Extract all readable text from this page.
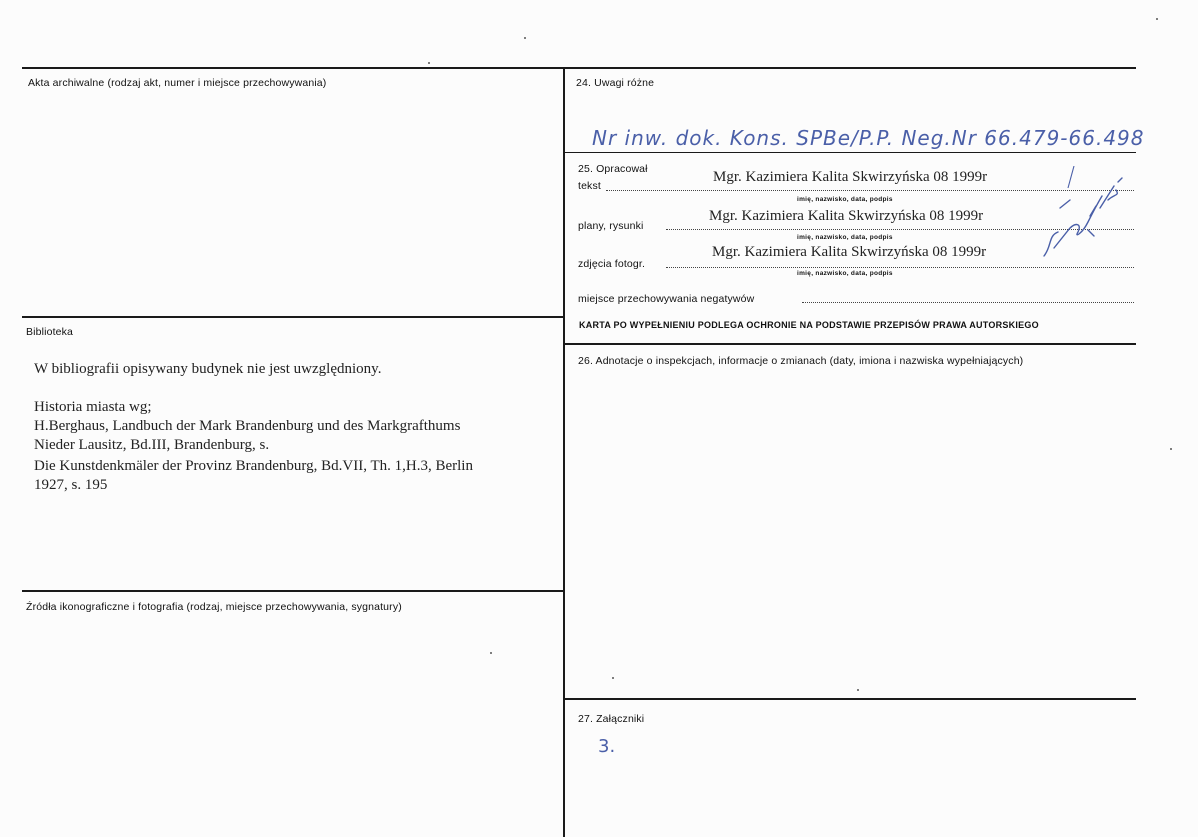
Akta archiwalne (rodzaj akt, numer i miejsce przechowywania)
Biblioteka
W bibliografii opisywany budynek nie jest uwzględniony.
Historia miasta wg;
H.Berghaus, Landbuch der Mark Brandenburg und des Markgrafthums
Nieder Lausitz, Bd.III, Brandenburg, s.
Die Kunstdenkmäler der Provinz Brandenburg, Bd.VII, Th. 1,H.3, Berlin
1927, s. 195
Źródła ikonograficzne i fotografia (rodzaj, miejsce przechowywania, sygnatury)
24. Uwagi różne
Nr inw. dok. Kons. SPBe/P.P. Neg.Nr 66.479-66.498
25. Opracował
tekst
Mgr. Kazimiera Kalita Skwirzyńska 08 1999r
imię, nazwisko, data, podpis
plany, rysunki
Mgr. Kazimiera Kalita Skwirzyńska 08 1999r
imię, nazwisko, data, podpis
zdjęcia fotogr.
Mgr. Kazimiera Kalita Skwirzyńska 08 1999r
imię, nazwisko, data, podpis
miejsce przechowywania negatywów
KARTA PO WYPEŁNIENIU PODLEGA OCHRONIE NA PODSTAWIE PRZEPISÓW PRAWA AUTORSKIEGO
26. Adnotacje o inspekcjach, informacje o zmianach (daty, imiona i nazwiska wypełniających)
27. Załączniki
3.
